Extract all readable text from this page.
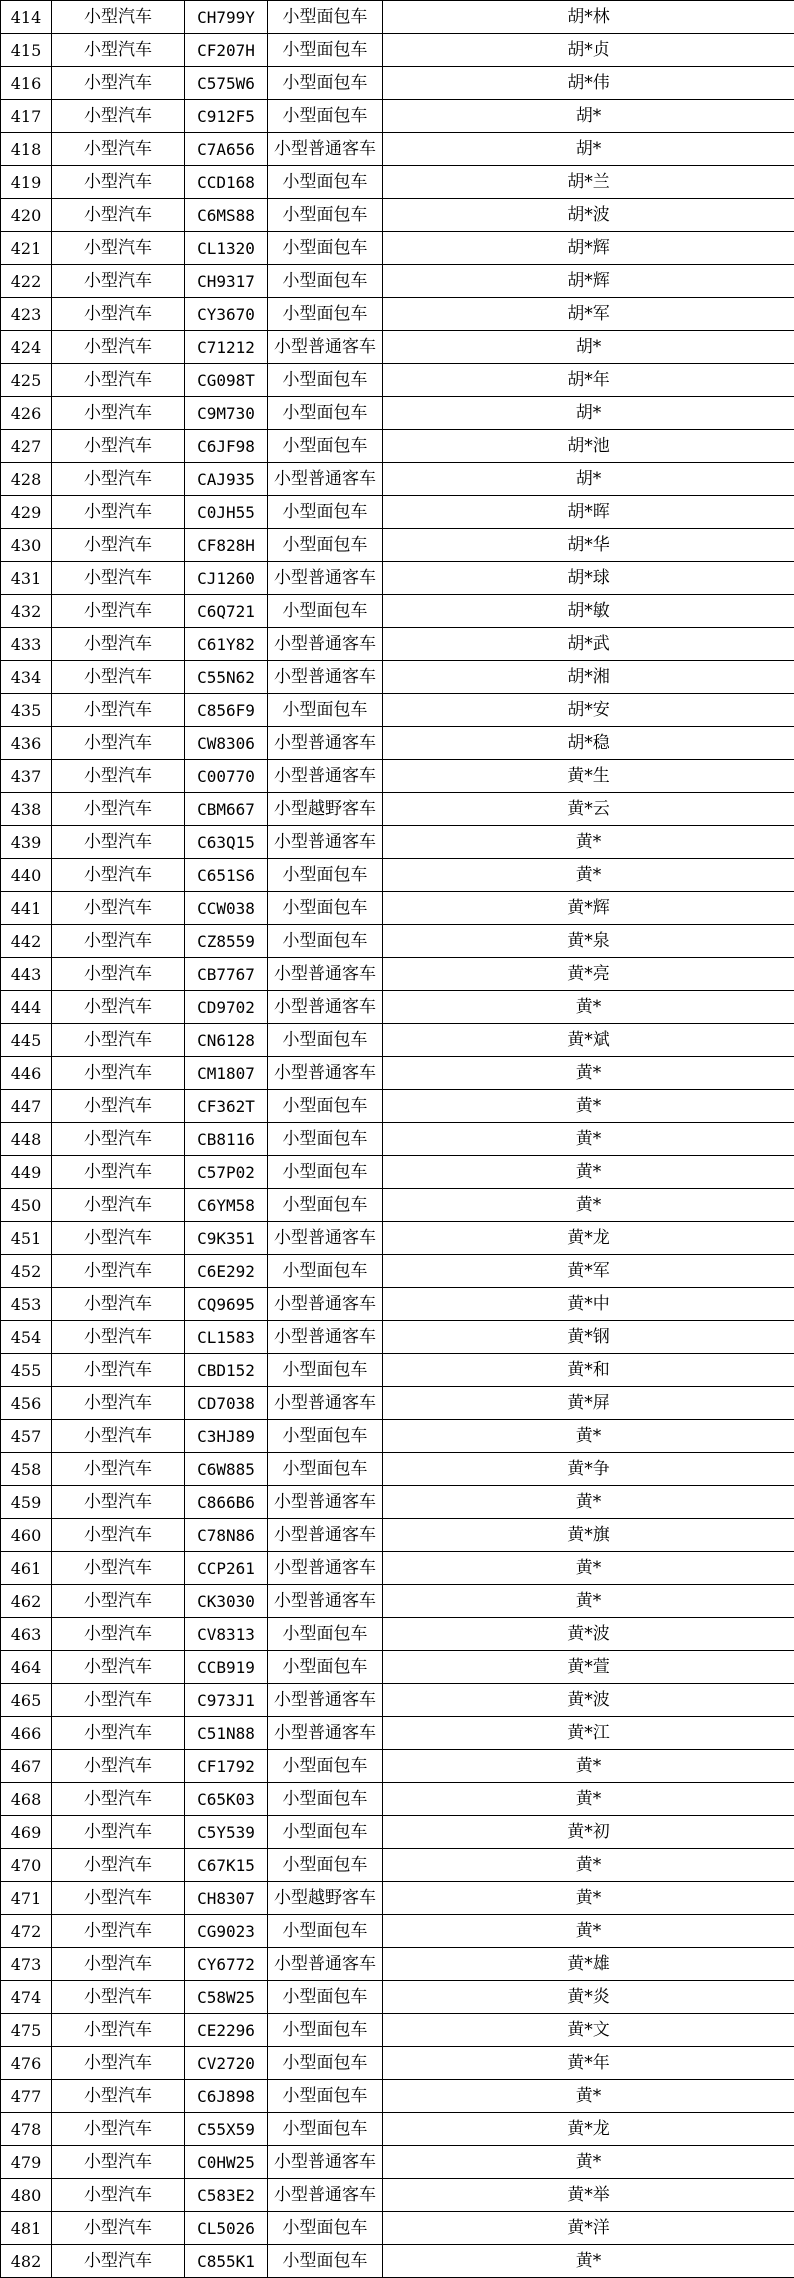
414	小型汽车	CH799Y	小型面包车	胡*林
415	小型汽车	CF207H	小型面包车	胡*贞
416	小型汽车	C575W6	小型面包车	胡*伟
417	小型汽车	C912F5	小型面包车	胡*
418	小型汽车	C7A656	小型普通客车	胡*
419	小型汽车	CCD168	小型面包车	胡*兰
420	小型汽车	C6MS88	小型面包车	胡*波
421	小型汽车	CL1320	小型面包车	胡*辉
422	小型汽车	CH9317	小型面包车	胡*辉
423	小型汽车	CY3670	小型面包车	胡*军
424	小型汽车	C71212	小型普通客车	胡*
425	小型汽车	CG098T	小型面包车	胡*年
426	小型汽车	C9M730	小型面包车	胡*
427	小型汽车	C6JF98	小型面包车	胡*池
428	小型汽车	CAJ935	小型普通客车	胡*
429	小型汽车	C0JH55	小型面包车	胡*晖
430	小型汽车	CF828H	小型面包车	胡*华
431	小型汽车	CJ1260	小型普通客车	胡*球
432	小型汽车	C6Q721	小型面包车	胡*敏
433	小型汽车	C61Y82	小型普通客车	胡*武
434	小型汽车	C55N62	小型普通客车	胡*湘
435	小型汽车	C856F9	小型面包车	胡*安
436	小型汽车	CW8306	小型普通客车	胡*稳
437	小型汽车	C00770	小型普通客车	黄*生
438	小型汽车	CBM667	小型越野客车	黄*云
439	小型汽车	C63Q15	小型普通客车	黄*
440	小型汽车	C651S6	小型面包车	黄*
441	小型汽车	CCW038	小型面包车	黄*辉
442	小型汽车	CZ8559	小型面包车	黄*泉
443	小型汽车	CB7767	小型普通客车	黄*亮
444	小型汽车	CD9702	小型普通客车	黄*
445	小型汽车	CN6128	小型面包车	黄*斌
446	小型汽车	CM1807	小型普通客车	黄*
447	小型汽车	CF362T	小型面包车	黄*
448	小型汽车	CB8116	小型面包车	黄*
449	小型汽车	C57P02	小型面包车	黄*
450	小型汽车	C6YM58	小型面包车	黄*
451	小型汽车	C9K351	小型普通客车	黄*龙
452	小型汽车	C6E292	小型面包车	黄*军
453	小型汽车	CQ9695	小型普通客车	黄*中
454	小型汽车	CL1583	小型普通客车	黄*钢
455	小型汽车	CBD152	小型面包车	黄*和
456	小型汽车	CD7038	小型普通客车	黄*屏
457	小型汽车	C3HJ89	小型面包车	黄*
458	小型汽车	C6W885	小型面包车	黄*争
459	小型汽车	C866B6	小型普通客车	黄*
460	小型汽车	C78N86	小型普通客车	黄*旗
461	小型汽车	CCP261	小型普通客车	黄*
462	小型汽车	CK3030	小型普通客车	黄*
463	小型汽车	CV8313	小型面包车	黄*波
464	小型汽车	CCB919	小型面包车	黄*萱
465	小型汽车	C973J1	小型普通客车	黄*波
466	小型汽车	C51N88	小型普通客车	黄*江
467	小型汽车	CF1792	小型面包车	黄*
468	小型汽车	C65K03	小型面包车	黄*
469	小型汽车	C5Y539	小型面包车	黄*初
470	小型汽车	C67K15	小型面包车	黄*
471	小型汽车	CH8307	小型越野客车	黄*
472	小型汽车	CG9023	小型面包车	黄*
473	小型汽车	CY6772	小型普通客车	黄*雄
474	小型汽车	C58W25	小型面包车	黄*炎
475	小型汽车	CE2296	小型面包车	黄*文
476	小型汽车	CV2720	小型面包车	黄*年
477	小型汽车	C6J898	小型面包车	黄*
478	小型汽车	C55X59	小型面包车	黄*龙
479	小型汽车	C0HW25	小型普通客车	黄*
480	小型汽车	C583E2	小型普通客车	黄*举
481	小型汽车	CL5026	小型面包车	黄*洋
482	小型汽车	C855K1	小型面包车	黄*
